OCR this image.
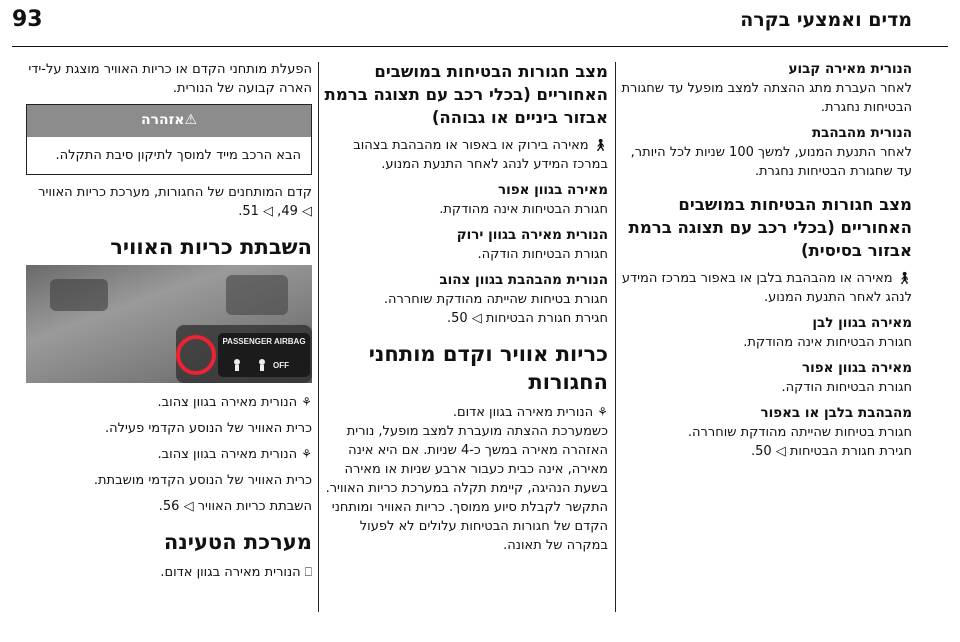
מדים ואמצעי בקרה
93
הנורית מאירה קבוע

לאחר העברת מתג ההצתה למצב מופעל עד שחגורת הבטיחות נחגרת.

הנורית מהבהבת

לאחר התנעת המנוע, למשך 100 שניות לכל היותר, עד שחגורת הבטיחות נחגרת.

מצב חגורות הבטיחות במושבים האחוריים (בכלי רכב עם תצוגה ברמת אבזור בסיסית)

🚶︎ מאירה או מהבהבת בלבן או באפור במרכז המידע לנהג לאחר התנעת המנוע.

מאירה בגוון לבן

חגורת הבטיחות אינה מהודקת.

מאירה בגוון אפור

חגורת הבטיחות הודקה.

מהבהבת בלבן או באפור

חגורת בטיחות שהייתה מהודקת שוחררה.

חגירת חגורת הבטיחות ◁ 50.

מצב חגורות הבטיחות במושבים האחוריים (בכלי רכב עם תצוגה ברמת אבזור ביניים או גבוהה)

🚶︎ מאירה בירוק או באפור או מהבהבת בצהוב במרכז המידע לנהג לאחר התנעת המנוע.

מאירה בגוון אפור

חגורת הבטיחות אינה מהודקת.

הנורית מאירה בגוון ירוק

חגורת הבטיחות הודקה.

הנורית מהבהבת בגוון צהוב

חגורת בטיחות שהייתה מהודקת שוחררה.

חגירת חגורת הבטיחות ◁ 50.

כריות אוויר וקדם מותחני החגורות

⚘ הנורית מאירה בגוון אדום.

כשמערכת ההצתה מועברת למצב מופעל, נורית האזהרה מאירה במשך כ-4 שניות. אם היא אינה מאירה, אינה כבית כעבור ארבע שניות או מאירה בשעת הנהיגה, קיימת תקלה במערכת כריות האוויר. התקשר לקבלת סיוע ממוסך. כריות האוויר ומותחני הקדם של חגורות הבטיחות עלולים לא לפעול במקרה של תאונה.

הפעלת מותחני הקדם או כריות האוויר מוצגת על-ידי הארה קבועה של הנורית.

⚠אזהרה
הבא הרכב מייד למוסך לתיקון סיבת התקלה.

קדם המותחנים של החגורות, מערכת כריות האוויר ◁ 49, ◁ 51.

השבתת כריות האוויר
PASSENGER AIRBAG
OFF

⚘ הנורית מאירה בגוון צהוב.

כרית האוויר של הנוסע הקדמי פעילה.

⚘ הנורית מאירה בגוון צהוב.

כרית האוויר של הנוסע הקדמי מושבתת.

השבתת כריות האוויר ◁ 56.

מערכת הטעינה

⎕ הנורית מאירה בגוון אדום.
